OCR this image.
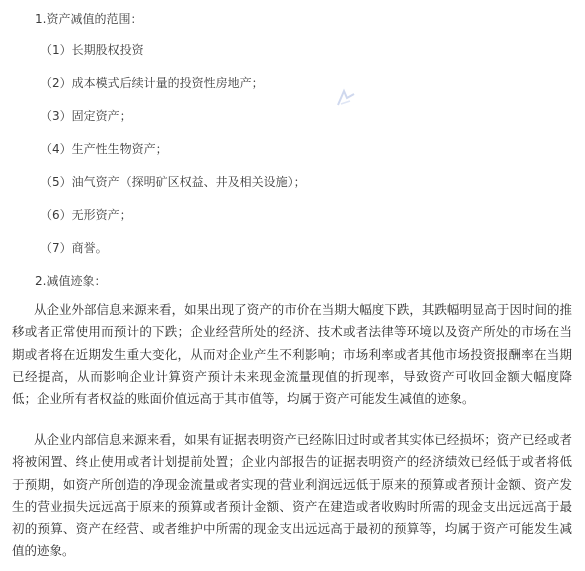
1.资产减值的范围：
（1）长期股权投资
（2）成本模式后续计量的投资性房地产；
（3）固定资产；
（4）生产性生物资产；
（5）油气资产（探明矿区权益、井及相关设施）；
（6）无形资产；
（7）商誉。
2.减值迹象：

从企业外部信息来源来看，如果出现了资产的市价在当期大幅度下跌，其跌幅明显高于因时间的推移或者正常使用而预计的下跌；企业经营所处的经济、技术或者法律等环境以及资产所处的市场在当期或者将在近期发生重大变化，从而对企业产生不利影响；市场利率或者其他市场投资报酬率在当期已经提高，从而影响企业计算资产预计未来现金流量现值的折现率，导致资产可收回金额大幅度降低；企业所有者权益的账面价值远高于其市值等，均属于资产可能发生减值的迹象。

从企业内部信息来源来看，如果有证据表明资产已经陈旧过时或者其实体已经损坏；资产已经或者将被闲置、终止使用或者计划提前处置；企业内部报告的证据表明资产的经济绩效已经低于或者将低于预期，如资产所创造的净现金流量或者实现的营业利润远远低于原来的预算或者预计金额、资产发生的营业损失远远高于原来的预算或者预计金额、资产在建造或者收购时所需的现金支出远远高于最初的预算、资产在经营、或者维护中所需的现金支出远远高于最初的预算等，均属于资产可能发生减值的迹象。
